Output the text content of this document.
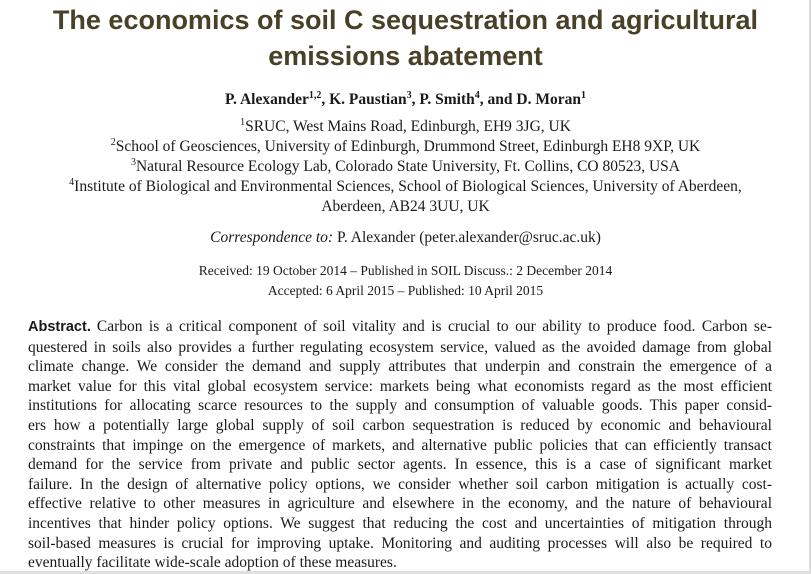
The economics of soil C sequestration and agricultural
emissions abatement
P. Alexander$^{1,2}$, K. Paustian$^3$, P. Smith$^4$, and D. Moran$^1$
$^1$SRUC, West Mains Road, Edinburgh, EH9 3JG, UK
$^2$School of Geosciences, University of Edinburgh, Drummond Street, Edinburgh EH8 9XP, UK
$^3$Natural Resource Ecology Lab, Colorado State University, Ft. Collins, CO 80523, USA
$^4$Institute of Biological and Environmental Sciences, School of Biological Sciences, University of Aberdeen,
Aberdeen, AB24 3UU, UK
Correspondence to: P. Alexander (peter.alexander@sruc.ac.uk)
Received: 19 October 2014 – Published in SOIL Discuss.: 2 December 2014
Accepted: 6 April 2015 – Published: 10 April 2015
Abstract. Carbon is a critical component of soil vitality and is crucial to our ability to produce food. Carbon se-
questered in soils also provides a further regulating ecosystem service, valued as the avoided damage from global
climate change. We consider the demand and supply attributes that underpin and constrain the emergence of a
market value for this vital global ecosystem service: markets being what economists regard as the most efficient
institutions for allocating scarce resources to the supply and consumption of valuable goods. This paper consid-
ers how a potentially large global supply of soil carbon sequestration is reduced by economic and behavioural
constraints that impinge on the emergence of markets, and alternative public policies that can efficiently transact
demand for the service from private and public sector agents. In essence, this is a case of significant market
failure. In the design of alternative policy options, we consider whether soil carbon mitigation is actually cost-
effective relative to other measures in agriculture and elsewhere in the economy, and the nature of behavioural
incentives that hinder policy options. We suggest that reducing the cost and uncertainties of mitigation through
soil-based measures is crucial for improving uptake. Monitoring and auditing processes will also be required to
eventually facilitate wide-scale adoption of these measures.
